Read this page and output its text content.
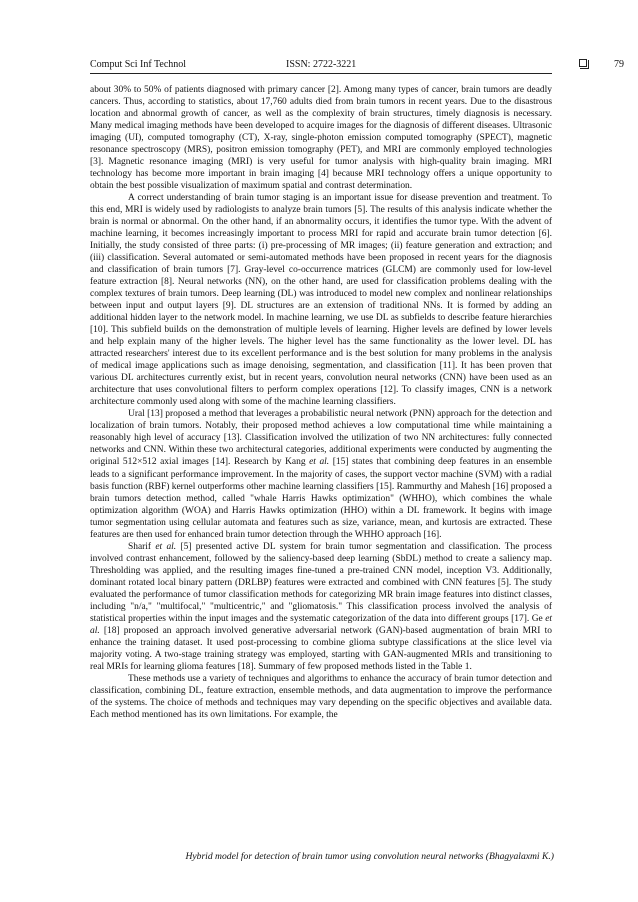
Comput Sci Inf Technol	ISSN: 2722-3221	79

about 30% to 50% of patients diagnosed with primary cancer [2]. Among many types of cancer, brain tumors are deadly cancers. Thus, according to statistics, about 17,760 adults died from brain tumors in recent years. Due to the disastrous location and abnormal growth of cancer, as well as the complexity of brain structures, timely diagnosis is necessary. Many medical imaging methods have been developed to acquire images for the diagnosis of different diseases. Ultrasonic imaging (UI), computed tomography (CT), X-ray, single-photon emission computed tomography (SPECT), magnetic resonance spectroscopy (MRS), positron emission tomography (PET), and MRI are commonly employed technologies [3]. Magnetic resonance imaging (MRI) is very useful for tumor analysis with high-quality brain imaging. MRI technology has become more important in brain imaging [4] because MRI technology offers a unique opportunity to obtain the best possible visualization of maximum spatial and contrast determination.

A correct understanding of brain tumor staging is an important issue for disease prevention and treatment. To this end, MRI is widely used by radiologists to analyze brain tumors [5]. The results of this analysis indicate whether the brain is normal or abnormal. On the other hand, if an abnormality occurs, it identifies the tumor type. With the advent of machine learning, it becomes increasingly important to process MRI for rapid and accurate brain tumor detection [6]. Initially, the study consisted of three parts: (i) pre-processing of MR images; (ii) feature generation and extraction; and (iii) classification. Several automated or semi-automated methods have been proposed in recent years for the diagnosis and classification of brain tumors [7]. Gray-level co-occurrence matrices (GLCM) are commonly used for low-level feature extraction [8]. Neural networks (NN), on the other hand, are used for classification problems dealing with the complex textures of brain tumors. Deep learning (DL) was introduced to model new complex and nonlinear relationships between input and output layers [9]. DL structures are an extension of traditional NNs. It is formed by adding an additional hidden layer to the network model. In machine learning, we use DL as subfields to describe feature hierarchies [10]. This subfield builds on the demonstration of multiple levels of learning. Higher levels are defined by lower levels and help explain many of the higher levels. The higher level has the same functionality as the lower level. DL has attracted researchers' interest due to its excellent performance and is the best solution for many problems in the analysis of medical image applications such as image denoising, segmentation, and classification [11]. It has been proven that various DL architectures currently exist, but in recent years, convolution neural networks (CNN) have been used as an architecture that uses convolutional filters to perform complex operations [12]. To classify images, CNN is a network architecture commonly used along with some of the machine learning classifiers.

Ural [13] proposed a method that leverages a probabilistic neural network (PNN) approach for the detection and localization of brain tumors. Notably, their proposed method achieves a low computational time while maintaining a reasonably high level of accuracy [13]. Classification involved the utilization of two NN architectures: fully connected networks and CNN. Within these two architectural categories, additional experiments were conducted by augmenting the original 512×512 axial images [14]. Research by Kang et al. [15] states that combining deep features in an ensemble leads to a significant performance improvement. In the majority of cases, the support vector machine (SVM) with a radial basis function (RBF) kernel outperforms other machine learning classifiers [15]. Rammurthy and Mahesh [16] proposed a brain tumors detection method, called "whale Harris Hawks optimization" (WHHO), which combines the whale optimization algorithm (WOA) and Harris Hawks optimization (HHO) within a DL framework. It begins with image tumor segmentation using cellular automata and features such as size, variance, mean, and kurtosis are extracted. These features are then used for enhanced brain tumor detection through the WHHO approach [16].

Sharif et al. [5] presented active DL system for brain tumor segmentation and classification. The process involved contrast enhancement, followed by the saliency-based deep learning (SbDL) method to create a saliency map. Thresholding was applied, and the resulting images fine-tuned a pre-trained CNN model, inception V3. Additionally, dominant rotated local binary pattern (DRLBP) features were extracted and combined with CNN features [5]. The study evaluated the performance of tumor classification methods for categorizing MR brain image features into distinct classes, including "n/a," "multifocal," "multicentric," and "gliomatosis." This classification process involved the analysis of statistical properties within the input images and the systematic categorization of the data into different groups [17]. Ge et al. [18] proposed an approach involved generative adversarial network (GAN)-based augmentation of brain MRI to enhance the training dataset. It used post-processing to combine glioma subtype classifications at the slice level via majority voting. A two-stage training strategy was employed, starting with GAN-augmented MRIs and transitioning to real MRIs for learning glioma features [18]. Summary of few proposed methods listed in the Table 1.

These methods use a variety of techniques and algorithms to enhance the accuracy of brain tumor detection and classification, combining DL, feature extraction, ensemble methods, and data augmentation to improve the performance of the systems. The choice of methods and techniques may vary depending on the specific objectives and available data. Each method mentioned has its own limitations. For example, the

Hybrid model for detection of brain tumor using convolution neural networks (Bhagyalaxmi K.)
